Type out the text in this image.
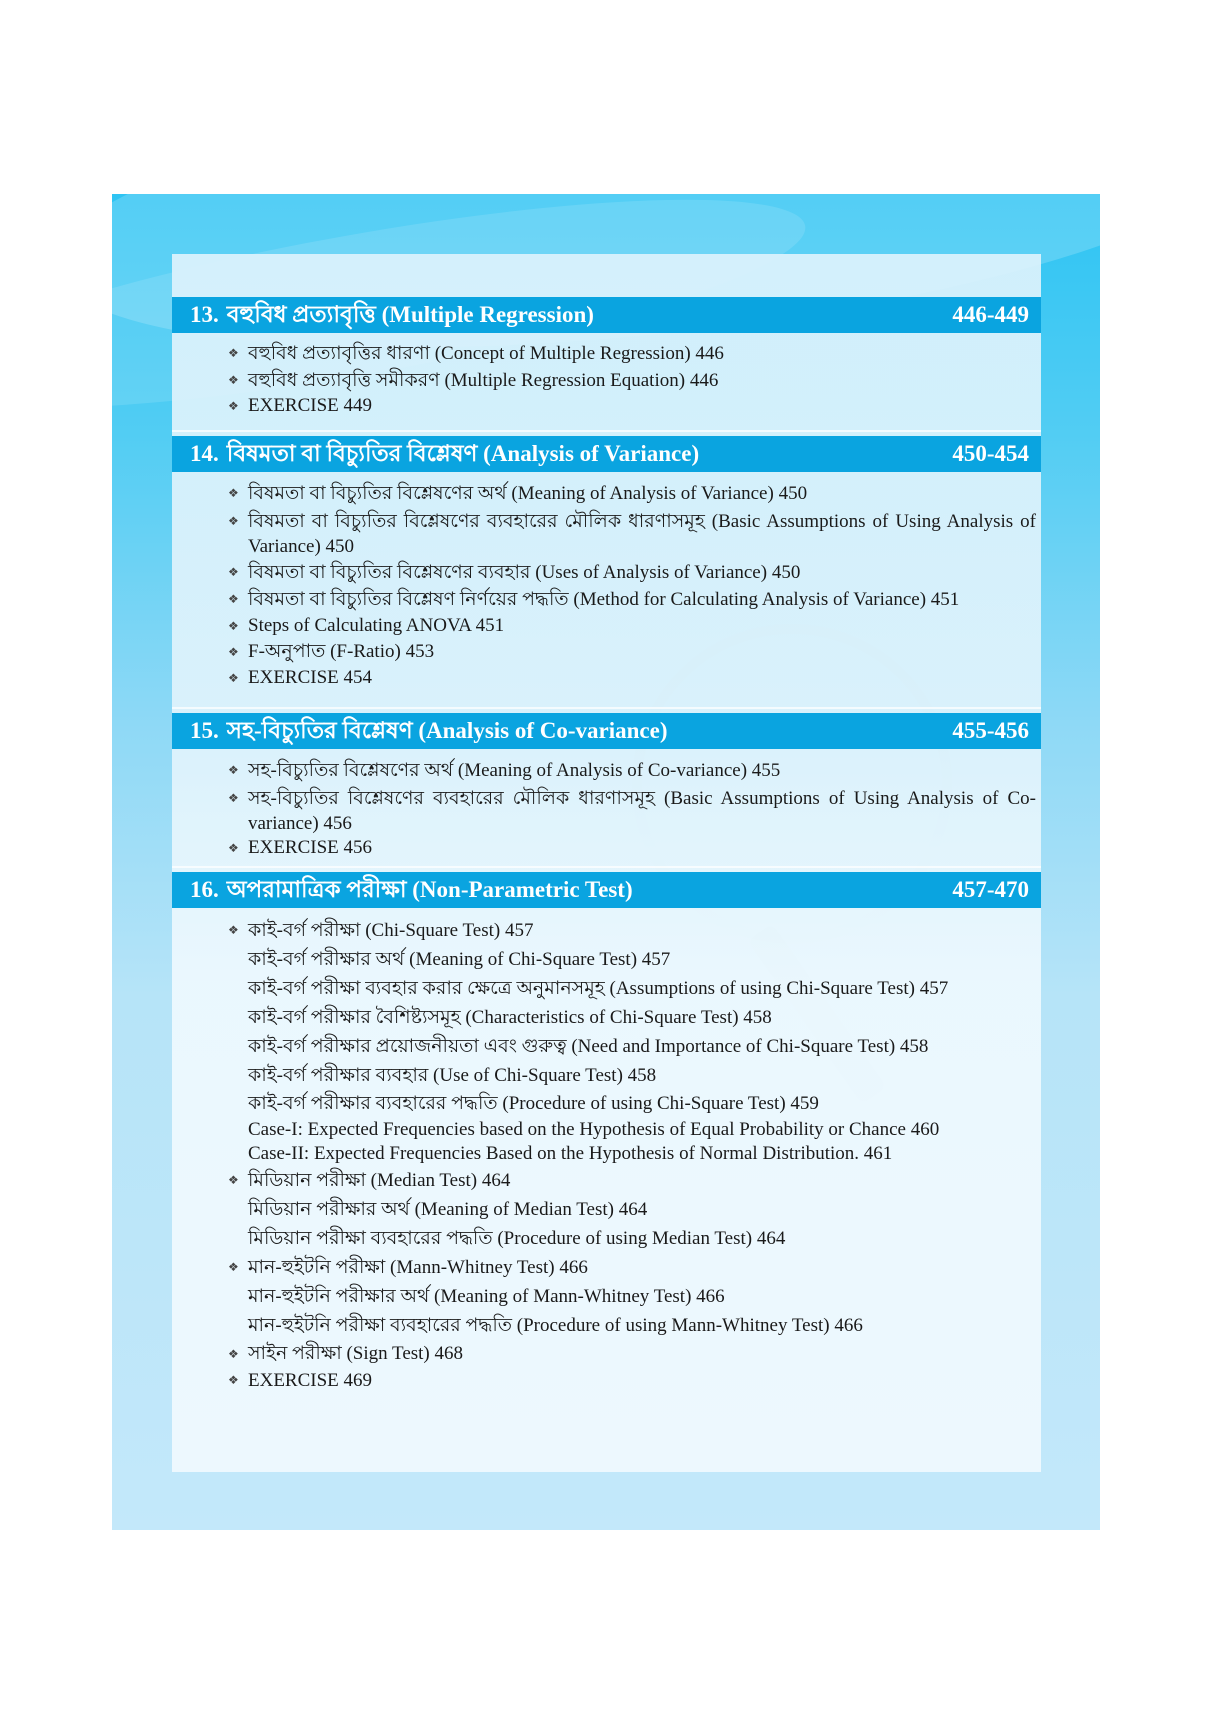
13. বহুবিধ প্রত্যাবৃত্তি (Multiple Regression)	446-449
❖ বহুবিধ প্রত্যাবৃত্তির ধারণা (Concept of Multiple Regression) 446
❖ বহুবিধ প্রত্যাবৃত্তি সমীকরণ (Multiple Regression Equation) 446
❖ EXERCISE 449
14. বিষমতা বা বিচ্যুতির বিশ্লেষণ (Analysis of Variance)	450-454
❖ বিষমতা বা বিচ্যুতির বিশ্লেষণের অর্থ (Meaning of Analysis of Variance) 450
❖ বিষমতা বা বিচ্যুতির বিশ্লেষণের ব্যবহারের মৌলিক ধারণাসমূহ (Basic Assumptions of Using Analysis of Variance) 450
❖ বিষমতা বা বিচ্যুতির বিশ্লেষণের ব্যবহার (Uses of Analysis of Variance) 450
❖ বিষমতা বা বিচ্যুতির বিশ্লেষণ নির্ণয়ের পদ্ধতি (Method for Calculating Analysis of Variance) 451
❖ Steps of Calculating ANOVA 451
❖ F-অনুপাত (F-Ratio) 453
❖ EXERCISE 454
15. সহ-বিচ্যুতির বিশ্লেষণ (Analysis of Co-variance)	455-456
❖ সহ-বিচ্যুতির বিশ্লেষণের অর্থ (Meaning of Analysis of Co-variance) 455
❖ সহ-বিচ্যুতির বিশ্লেষণের ব্যবহারের মৌলিক ধারণাসমূহ (Basic Assumptions of Using Analysis of Co-variance) 456
❖ EXERCISE 456
16. অপরামাত্রিক পরীক্ষা (Non-Parametric Test)	457-470
❖ কাই-বর্গ পরীক্ষা (Chi-Square Test) 457
কাই-বর্গ পরীক্ষার অর্থ (Meaning of Chi-Square Test) 457
কাই-বর্গ পরীক্ষা ব্যবহার করার ক্ষেত্রে অনুমানসমূহ (Assumptions of using Chi-Square Test) 457
কাই-বর্গ পরীক্ষার বৈশিষ্ট্যসমূহ (Characteristics of Chi-Square Test) 458
কাই-বর্গ পরীক্ষার প্রয়োজনীয়তা এবং গুরুত্ব (Need and Importance of Chi-Square Test) 458
কাই-বর্গ পরীক্ষার ব্যবহার (Use of Chi-Square Test) 458
কাই-বর্গ পরীক্ষার ব্যবহারের পদ্ধতি (Procedure of using Chi-Square Test) 459
Case-I: Expected Frequencies based on the Hypothesis of Equal Probability or Chance 460
Case-II: Expected Frequencies Based on the Hypothesis of Normal Distribution. 461
❖ মিডিয়ান পরীক্ষা (Median Test) 464
মিডিয়ান পরীক্ষার অর্থ (Meaning of Median Test) 464
মিডিয়ান পরীক্ষা ব্যবহারের পদ্ধতি (Procedure of using Median Test) 464
❖ মান-হুইটনি পরীক্ষা (Mann-Whitney Test) 466
মান-হুইটনি পরীক্ষার অর্থ (Meaning of Mann-Whitney Test) 466
মান-হুইটনি পরীক্ষা ব্যবহারের পদ্ধতি (Procedure of using Mann-Whitney Test) 466
❖ সাইন পরীক্ষা (Sign Test) 468
❖ EXERCISE 469
